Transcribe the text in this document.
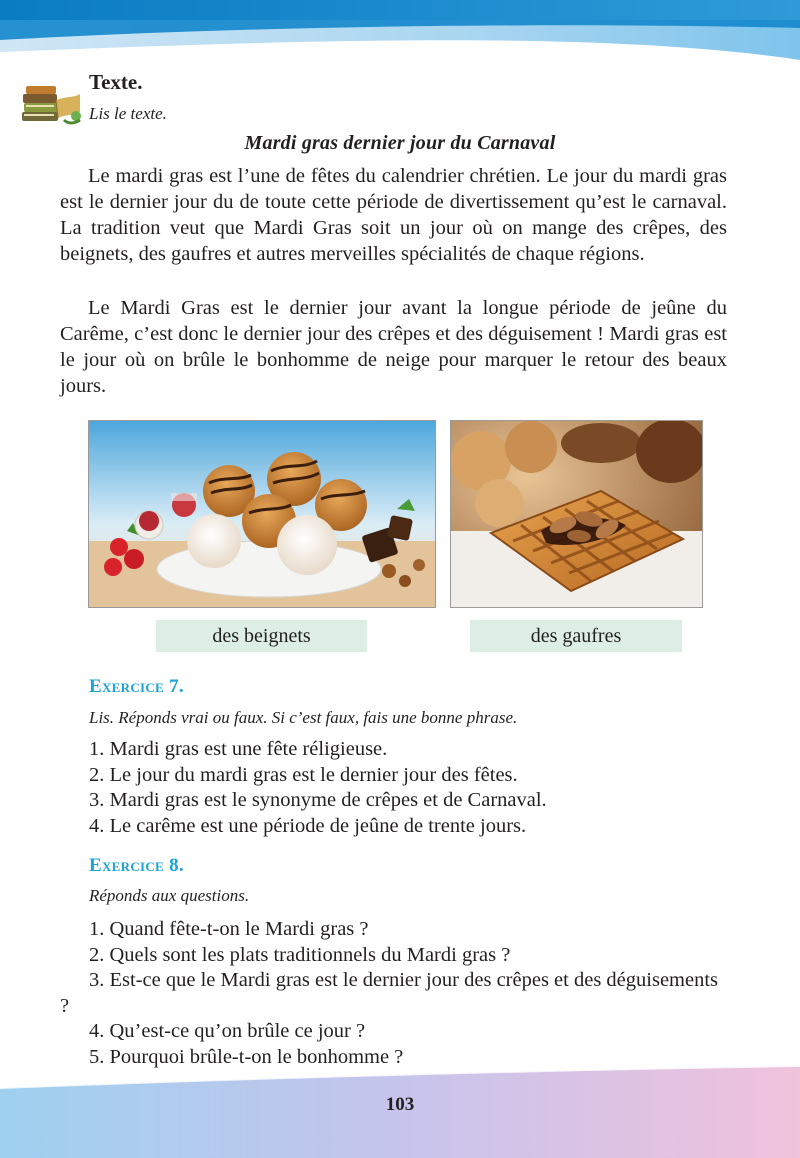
Texte.
Lis le texte.
Mardi gras dernier jour du Carnaval

Le mardi gras est l’une de fêtes du calendrier chrétien. Le jour du mardi gras est le dernier jour du de toute cette période de divertissement qu’est le carnaval. La tradition veut que Mardi Gras soit un jour où on mange des crêpes, des beignets, des gaufres et autres merveilles spécialités de chaque régions.

Le Mardi Gras est le dernier jour avant la longue période de jeûne du Carême, c’est donc le dernier jour des crêpes et des déguisement ! Mardi gras est le jour où on brûle le bonhomme de neige pour marquer le retour des beaux jours.

des beignets	des gaufres
Exercice 7.
Lis. Réponds vrai ou faux. Si c’est faux, fais une bonne phrase.
1. Mardi gras est une fête réligieuse.
2. Le jour du mardi gras est le dernier jour des fêtes.
3. Mardi gras est le synonyme de crêpes et de Carnaval.
4. Le carême est une période de jeûne de trente jours.
Exercice 8.
Réponds aux questions.
1. Quand fête-t-on le Mardi gras ?
2. Quels sont les plats traditionnels du Mardi gras ?
3. Est-ce que le Mardi gras est le dernier jour des crêpes et des déguisements ?
4. Qu’est-ce qu’on brûle ce jour ?
5. Pourquoi brûle-t-on le bonhomme ?
103
